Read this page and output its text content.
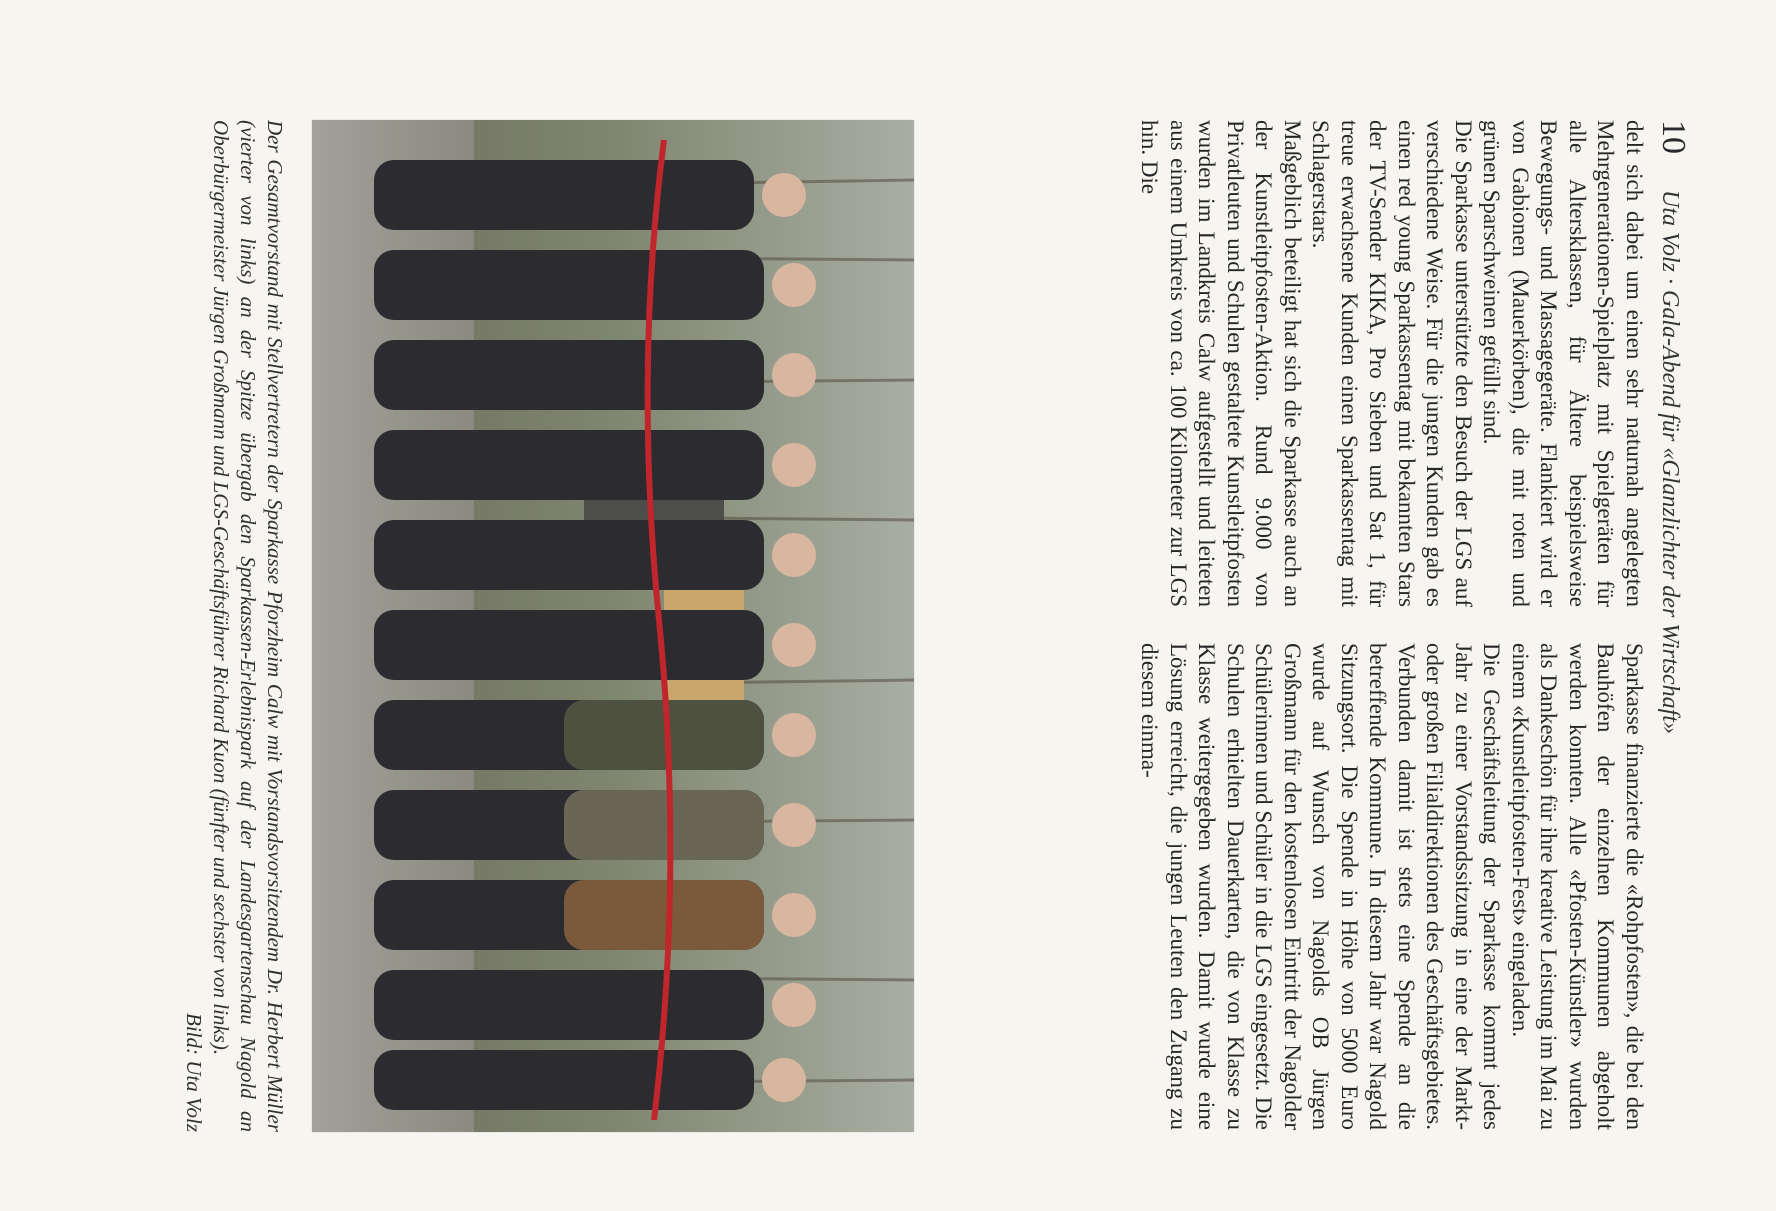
10
Uta Volz · Gala-Abend für «Glanzlichter der Wirtschaft»

delt sich dabei um einen sehr naturnah angelegten Mehrgenerationen-Spielplatz mit Spielgeräten für alle Altersklassen, für Ältere beispielsweise Bewegungs- und Massagegeräte. Flankiert wird er von Gabionen (Mauerkörben), die mit roten und grünen Sparschweinen gefüllt sind.

Die Sparkasse unterstützte den Besuch der LGS auf verschiedene Weise. Für die jungen Kunden gab es einen red young Sparkassentag mit bekannten Stars der TV-Sender KIKA, Pro Sieben und Sat 1, für treue erwachsene Kunden einen Sparkassentag mit Schlagerstars.

Maßgeblich beteiligt hat sich die Sparkasse auch an der Kunstleitpfosten-Aktion. Rund 9.000 von Privatleuten und Schulen gestaltete Kunstleitpfosten wurden im Landkreis Calw aufgestellt und leiteten aus einem Umkreis von ca. 100 Kilometer zur LGS hin. Die

Sparkasse finanzierte die «Rohpfosten», die bei den Bauhöfen der einzelnen Kommunen abgeholt werden konnten. Alle «Pfosten-Künstler» wurden als Dankeschön für ihre kreative Leistung im Mai zu einem «Kunstleitpfosten-Fest» eingeladen.

Die Geschäftsleitung der Sparkasse kommt jedes Jahr zu einer Vorstandssitzung in eine der Markt- oder großen Filialdirektionen des Geschäftsgebietes. Verbunden damit ist stets eine Spende an die betreffende Kommune. In diesem Jahr war Nagold Sitzungsort. Die Spende in Höhe von 5000 Euro wurde auf Wunsch von Nagolds OB Jürgen Großmann für den kostenlosen Eintritt der Nagolder Schülerinnen und Schüler in die LGS eingesetzt. Die Schulen erhielten Dauerkarten, die von Klasse zu Klasse weitergegeben wurden. Damit wurde eine Lösung erreicht, die jungen Leuten den Zugang zu diesem einma-

Der Gesamtvorstand mit Stellvertretern der Sparkasse Pforzheim Calw mit Vorstandsvorsitzendem Dr. Herbert Müller (vierter von links) an der Spitze übergab den Sparkassen-Erlebnispark auf der Landesgartenschau Nagold an Oberbürgermeister Jürgen Großmann und LGS-Geschäftsführer Richard Kuon (fünfter und sechster von links).
Bild: Uta Volz
